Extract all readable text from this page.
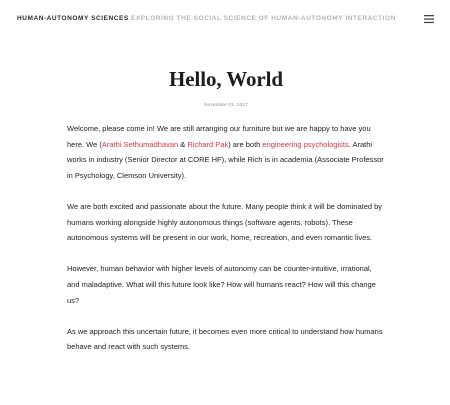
HUMAN-AUTONOMY SCIENCES EXPLORING THE SOCIAL SCIENCE OF HUMAN-AUTONOMY INTERACTION
Hello, World
November 01, 2017

Welcome, please come in! We are still arranging our furniture but we are happy to have you here. We (Arathi Sethumadhavan & Richard Pak) are both engineering psychologists. Arathi works in industry (Senior Director at CORE HF), while Rich is in academia (Associate Professor in Psychology, Clemson University).

We are both excited and passionate about the future. Many people think it will be dominated by humans working alongside highly autonomous things (software agents, robots). These autonomous systems will be present in our work, home, recreation, and even romantic lives.

However, human behavior with higher levels of autonomy can be counter-intuitive, irrational, and maladaptive. What will this future look like? How will humans react? How will this change us?

As we approach this uncertain future, it becomes even more critical to understand how humans behave and react with such systems.
